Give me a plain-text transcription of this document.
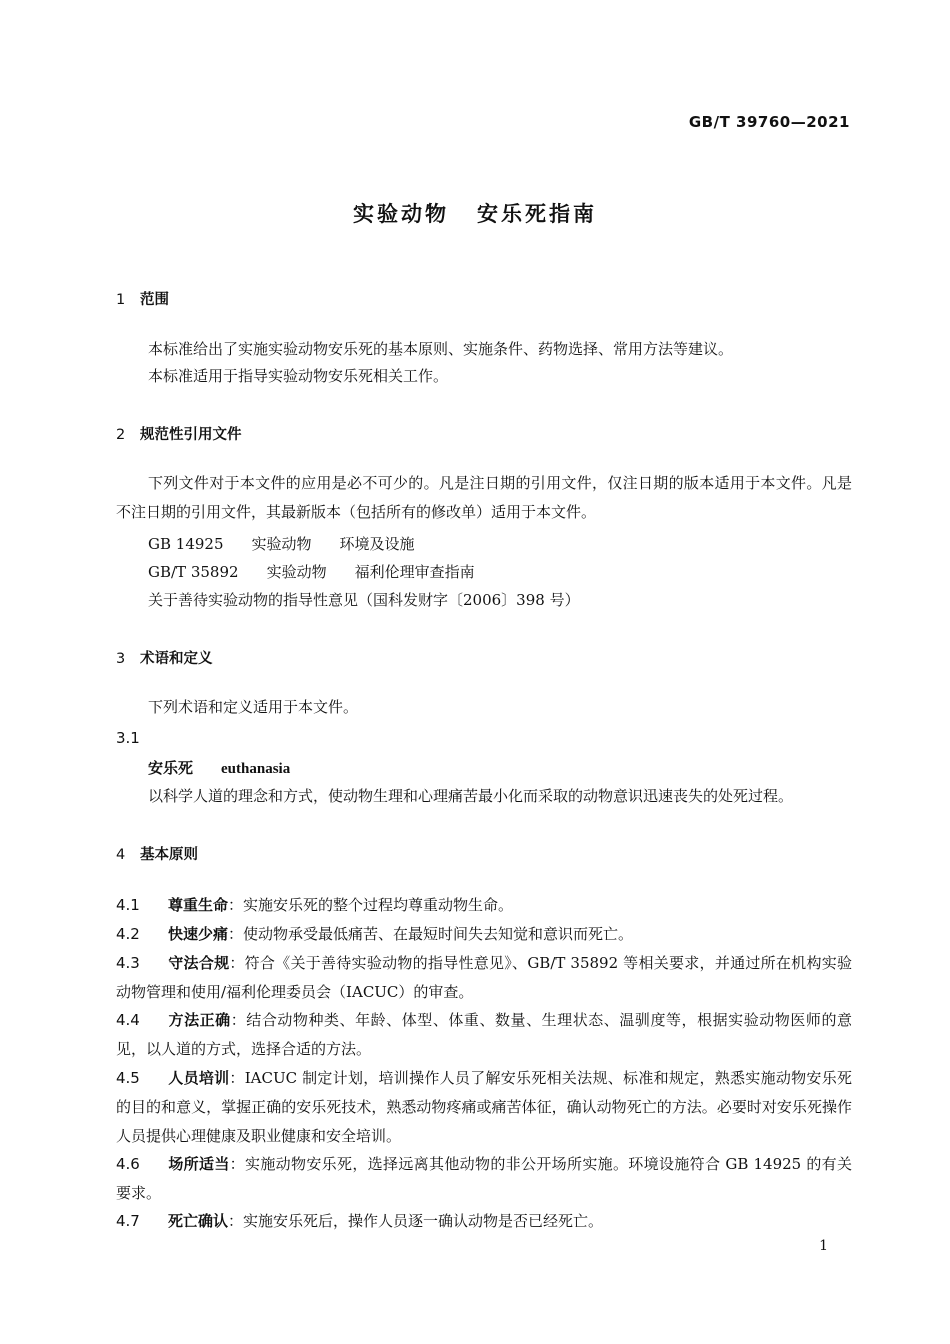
GB/T 39760—2021
实验动物 安乐死指南
1 范围
本标准给出了实施实验动物安乐死的基本原则、实施条件、药物选择、常用方法等建议。
本标准适用于指导实验动物安乐死相关工作。
2 规范性引用文件
下列文件对于本文件的应用是必不可少的。凡是注日期的引用文件，仅注日期的版本适用于本文件。凡是不注日期的引用文件，其最新版本（包括所有的修改单）适用于本文件。
GB 14925 实验动物 环境及设施
GB/T 35892 实验动物 福利伦理审查指南
关于善待实验动物的指导性意见（国科发财字〔2006〕398 号）
3 术语和定义
下列术语和定义适用于本文件。
3.1
安乐死 euthanasia
以科学人道的理念和方式，使动物生理和心理痛苦最小化而采取的动物意识迅速丧失的处死过程。
4 基本原则
4.1 尊重生命：实施安乐死的整个过程均尊重动物生命。
4.2 快速少痛：使动物承受最低痛苦、在最短时间失去知觉和意识而死亡。
4.3 守法合规：符合《关于善待实验动物的指导性意见》、GB/T 35892 等相关要求，并通过所在机构实验动物管理和使用/福利伦理委员会（IACUC）的审查。
4.4 方法正确：结合动物种类、年龄、体型、体重、数量、生理状态、温驯度等，根据实验动物医师的意见，以人道的方式，选择合适的方法。
4.5 人员培训：IACUC 制定计划，培训操作人员了解安乐死相关法规、标准和规定，熟悉实施动物安乐死的目的和意义，掌握正确的安乐死技术，熟悉动物疼痛或痛苦体征，确认动物死亡的方法。必要时对安乐死操作人员提供心理健康及职业健康和安全培训。
4.6 场所适当：实施动物安乐死，选择远离其他动物的非公开场所实施。环境设施符合 GB 14925 的有关要求。
4.7 死亡确认：实施安乐死后，操作人员逐一确认动物是否已经死亡。
1
